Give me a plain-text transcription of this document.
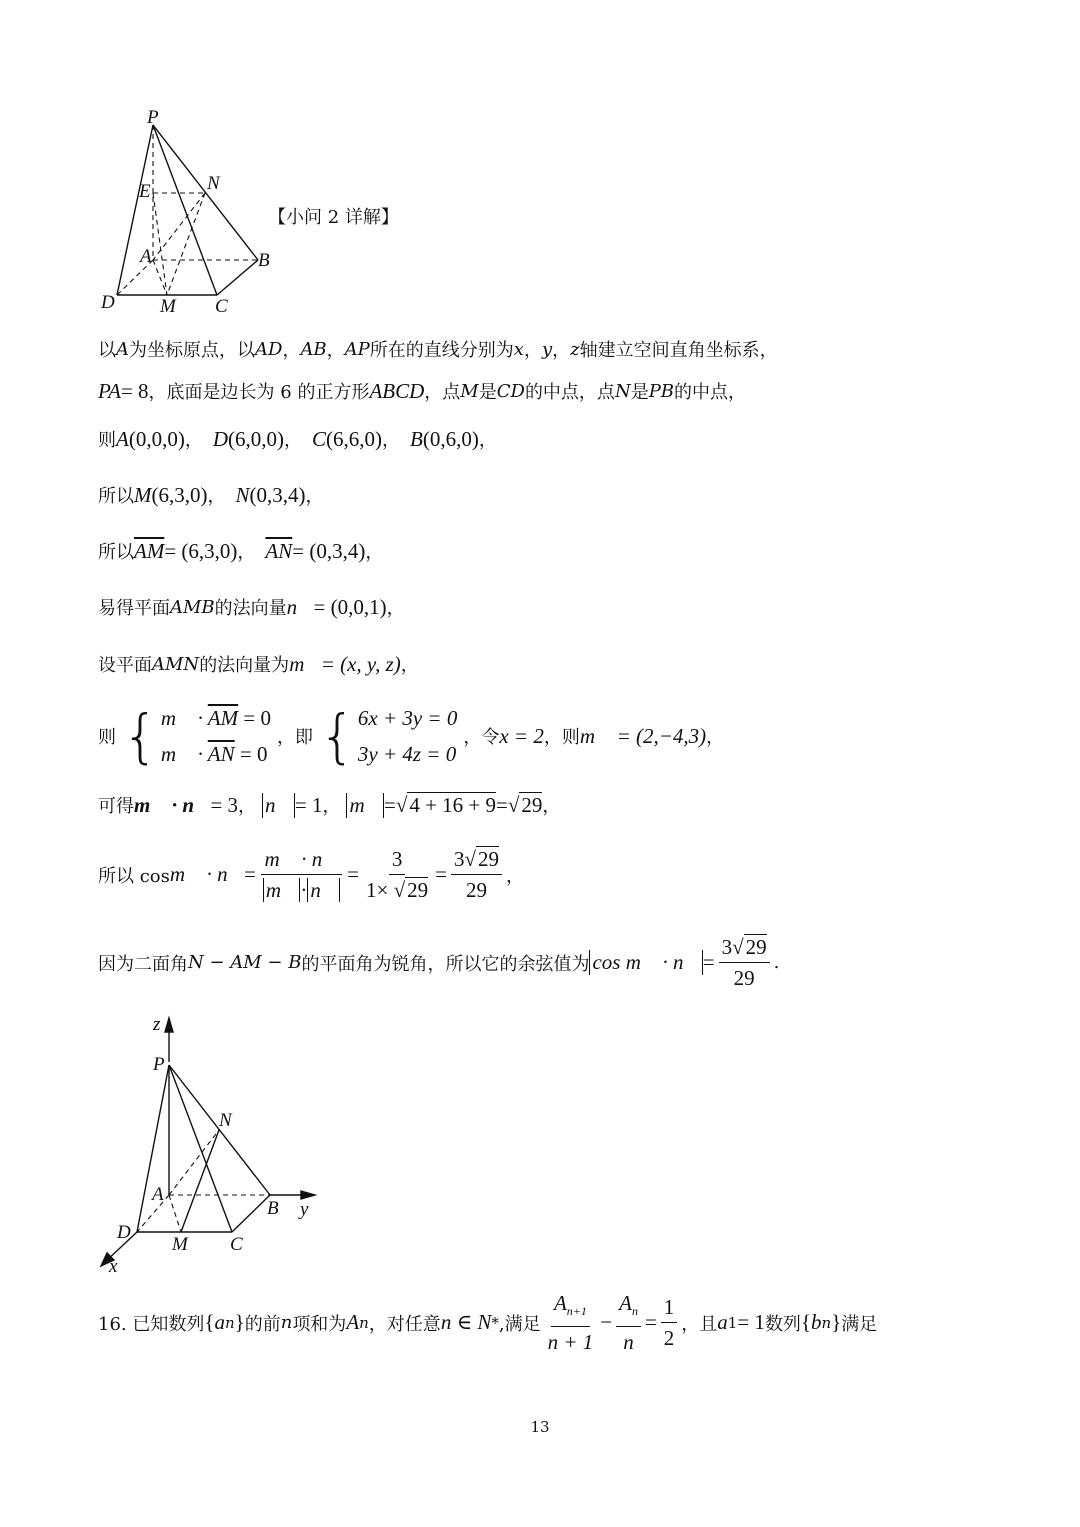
P
E	N
A	B
D M C
【小问 2 详解】
以 A 为坐标原点，以 AD ， AB ， AP 所在的直线分别为 x ， y ， z 轴建立空间直角坐标系，
PA = 8 ，底面是边长为 6 的正方形 ABCD ，点 M 是 CD 的中点，点 N 是 PB 的中点，
则 A (0,0,0) ， D (6,0,0) ， C (6,6,0) ， B (0,6,0) ，
所以 M (6,3,0) ， N (0,3,4) ，
所以 $\overline{AM} = (6,3,0)$ ， $\overline{AN} = (0,3,4)$ ，
易得平面 AMB 的法向量 n⃗ = (0,0,1) ，
设平面 AMN 的法向量为 m⃗ = (x, y, z) ，
则 { m⃗ · $\overline{AM} = 0$
m⃗ · $\overline{AN} = 0$
，即 { 6x + 3y = 0
3y + 4z = 0
，令 x = 2 ，则 m⃗ = (2,−4,3) ，
可得 m⃗ · n⃗ = 3 ， n⃗ = 1 ， m⃗ = √ 4 + 16 + 9 = √ 29 ，
所以 cos m⃗ · n⃗ = $\frac{m⃗ \cdot n⃗}{m⃗ \cdot n⃗} = \frac{3}{1\times √29} = \frac{3√29}{29}$ ，
因为二面角 N − AM − B 的平面角为锐角，所以它的余弦值为 cos m⃗ · n⃗ = $\frac{3√29}{29}$ .
z
P
N
A
B y
D
M C
x
16. 已知数列 { a n } 的前 n 项和为 A n ，对任意 n ∈ N * ,满足 $\frac{A_{n+1}}{n + 1} - \frac{A_n}{n} = \frac{1}{2}$ ，且 a 1 = 1 数列 { b n } 满足
13
